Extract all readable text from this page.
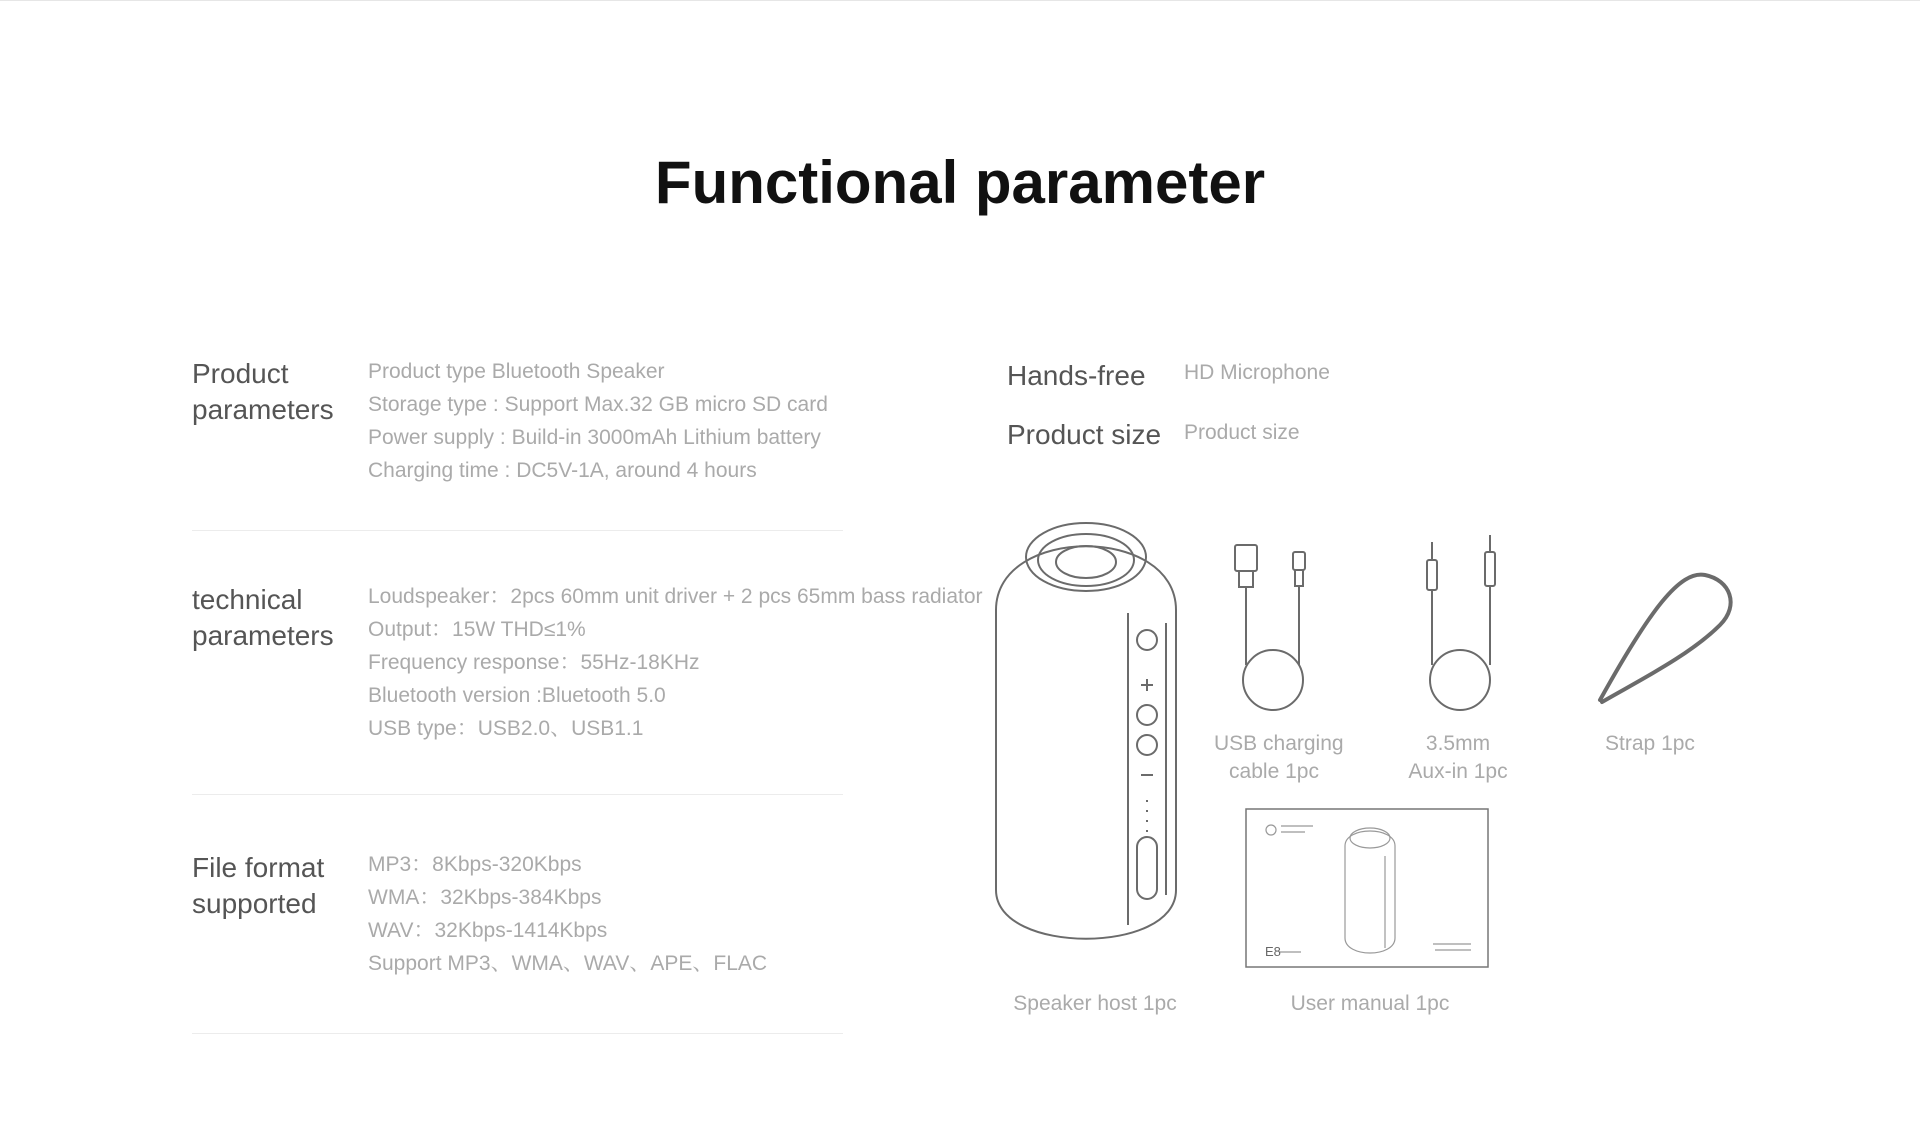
Functional parameter
Product
parameters
Product type Bluetooth Speaker
Storage type : Support Max.32 GB micro SD card
Power supply : Build-in 3000mAh Lithium battery
Charging time : DC5V-1A, around 4 hours
technical
parameters
Loudspeaker：2pcs 60mm unit driver + 2 pcs 65mm bass radiator
Output：15W THD≤1%
Frequency response：55Hz-18KHz
Bluetooth version :Bluetooth 5.0
USB type：USB2.0、USB1.1
File format
supported
MP3：8Kbps-320Kbps
WMA：32Kbps-384Kbps
WAV：32Kbps-1414Kbps
Support MP3、WMA、WAV、APE、FLAC
Hands-free HD Microphone
Product size Product size
E8
USB charging
cable 1pc
3.5mm
Aux-in 1pc
Strap 1pc
Speaker host 1pc	User manual 1pc
